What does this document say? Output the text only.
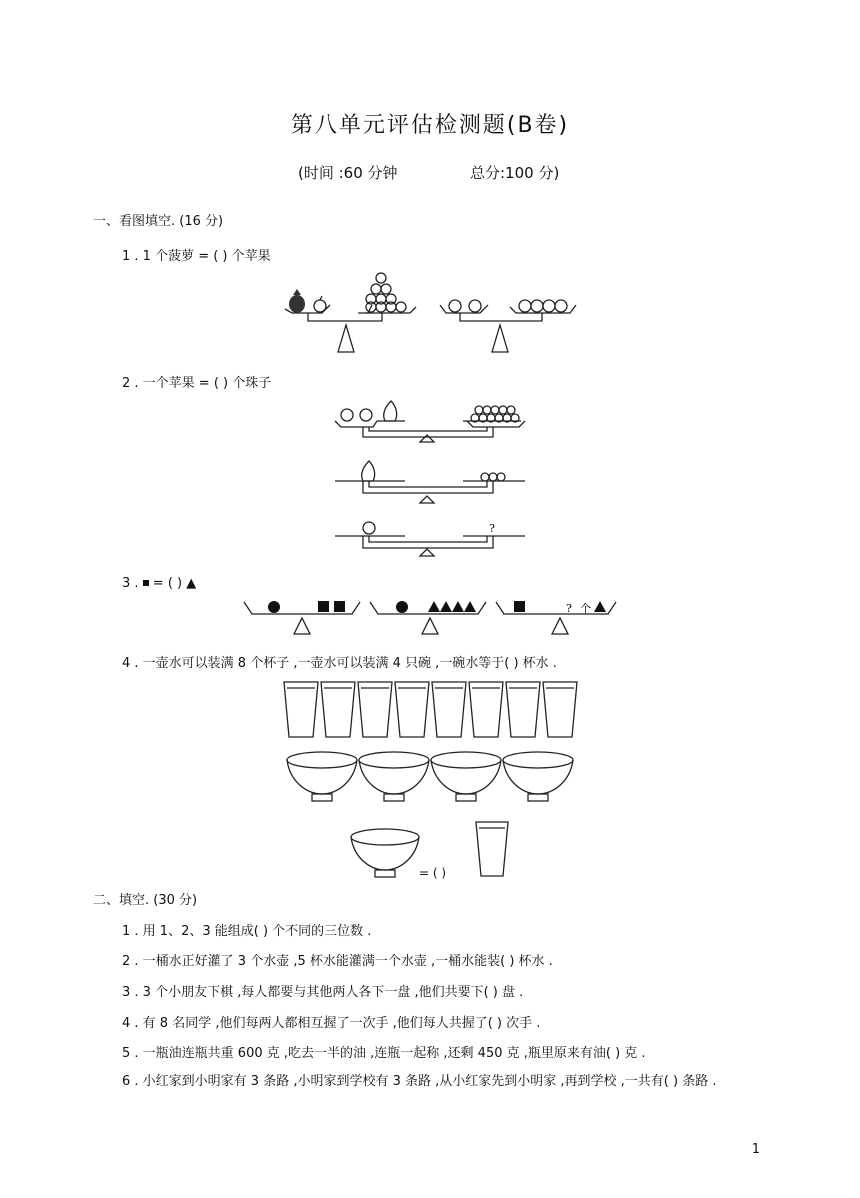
第八单元评估检测题(B卷)
(时间 :60 分钟	总分:100 分)
一、看图填空. (16 分)
1 . 1 个菠萝 = ( ) 个苹果
2 . 一个苹果 = ( ) 个珠子
?
3 .  = ( ) ▲
? 个
4 . 一壶水可以装满 8 个杯子 ,一壶水可以装满 4 只碗 ,一碗水等于( ) 杯水 .
= ( )
二、填空. (30 分)
1 . 用 1、2、3 能组成( ) 个不同的三位数 .
2 . 一桶水正好灌了 3 个水壶 ,5 杯水能灌满一个水壶 ,一桶水能装( ) 杯水 .
3 . 3 个小朋友下棋 ,每人都要与其他两人各下一盘 ,他们共要下( ) 盘 .
4 . 有 8 名同学 ,他们每两人都相互握了一次手 ,他们每人共握了( ) 次手 .
5 . 一瓶油连瓶共重 600 克 ,吃去一半的油 ,连瓶一起称 ,还剩 450 克 ,瓶里原来有油( ) 克 .
6 . 小红家到小明家有 3 条路 ,小明家到学校有 3 条路 ,从小红家先到小明家 ,再到学校 ,一共有( ) 条路 .
1
